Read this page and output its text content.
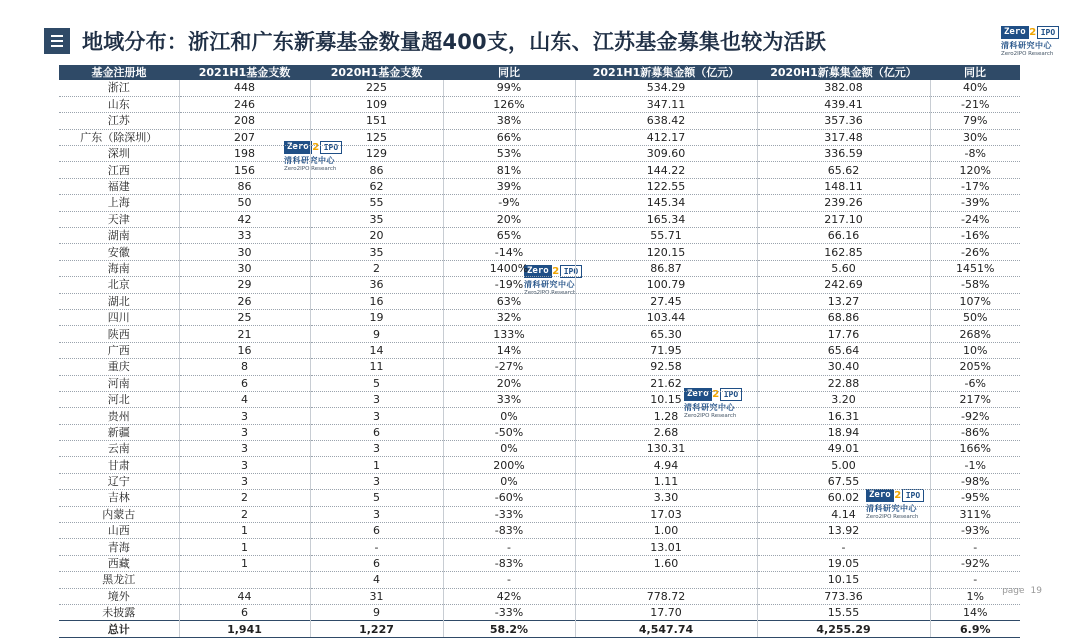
地域分布：浙江和广东新募基金数量超400支，山东、江苏基金募集也较为活跃	Zero 2 IPO
清科研究中心
Zero2IPO Research
Zero 2 IPO
清科研究中心
Zero2IPO Research
Zero 2 IPO
清科研究中心
Zero2IPO Research
Zero 2 IPO
清科研究中心
Zero2IPO Research
Zero 2 IPO
清科研究中心
Zero2IPO Research
基金注册地	2021H1基金支数	2020H1基金支数	同比	2021H1新募集金额（亿元）	2020H1新募集金额（亿元）	同比
浙江	448	225	99%	534.29	382.08	40%
山东	246	109	126%	347.11	439.41	-21%
江苏	208	151	38%	638.42	357.36	79%
广东（除深圳）	207	125	66%	412.17	317.48	30%
深圳	198	129	53%	309.60	336.59	-8%
江西	156	86	81%	144.22	65.62	120%
福建	86	62	39%	122.55	148.11	-17%
上海	50	55	-9%	145.34	239.26	-39%
天津	42	35	20%	165.34	217.10	-24%
湖南	33	20	65%	55.71	66.16	-16%
安徽	30	35	-14%	120.15	162.85	-26%
海南	30	2	1400%	86.87	5.60	1451%
北京	29	36	-19%	100.79	242.69	-58%
湖北	26	16	63%	27.45	13.27	107%
四川	25	19	32%	103.44	68.86	50%
陕西	21	9	133%	65.30	17.76	268%
广西	16	14	14%	71.95	65.64	10%
重庆	8	11	-27%	92.58	30.40	205%
河南	6	5	20%	21.62	22.88	-6%
河北	4	3	33%	10.15	3.20	217%
贵州	3	3	0%	1.28	16.31	-92%
新疆	3	6	-50%	2.68	18.94	-86%
云南	3	3	0%	130.31	49.01	166%
甘肃	3	1	200%	4.94	5.00	-1%
辽宁	3	3	0%	1.11	67.55	-98%
吉林	2	5	-60%	3.30	60.02	-95%
内蒙古	2	3	-33%	17.03	4.14	311%
山西	1	6	-83%	1.00	13.92	-93%
青海	1	-	-	13.01	-	-
西藏	1	6	-83%	1.60	19.05	-92%
黑龙江		4	-		10.15	-
境外	44	31	42%	778.72	773.36	1%
未披露	6	9	-33%	17.70	15.55	14%
总计	1,941	1,227	58.2%	4,547.74	4,255.29	6.9%
page 19
